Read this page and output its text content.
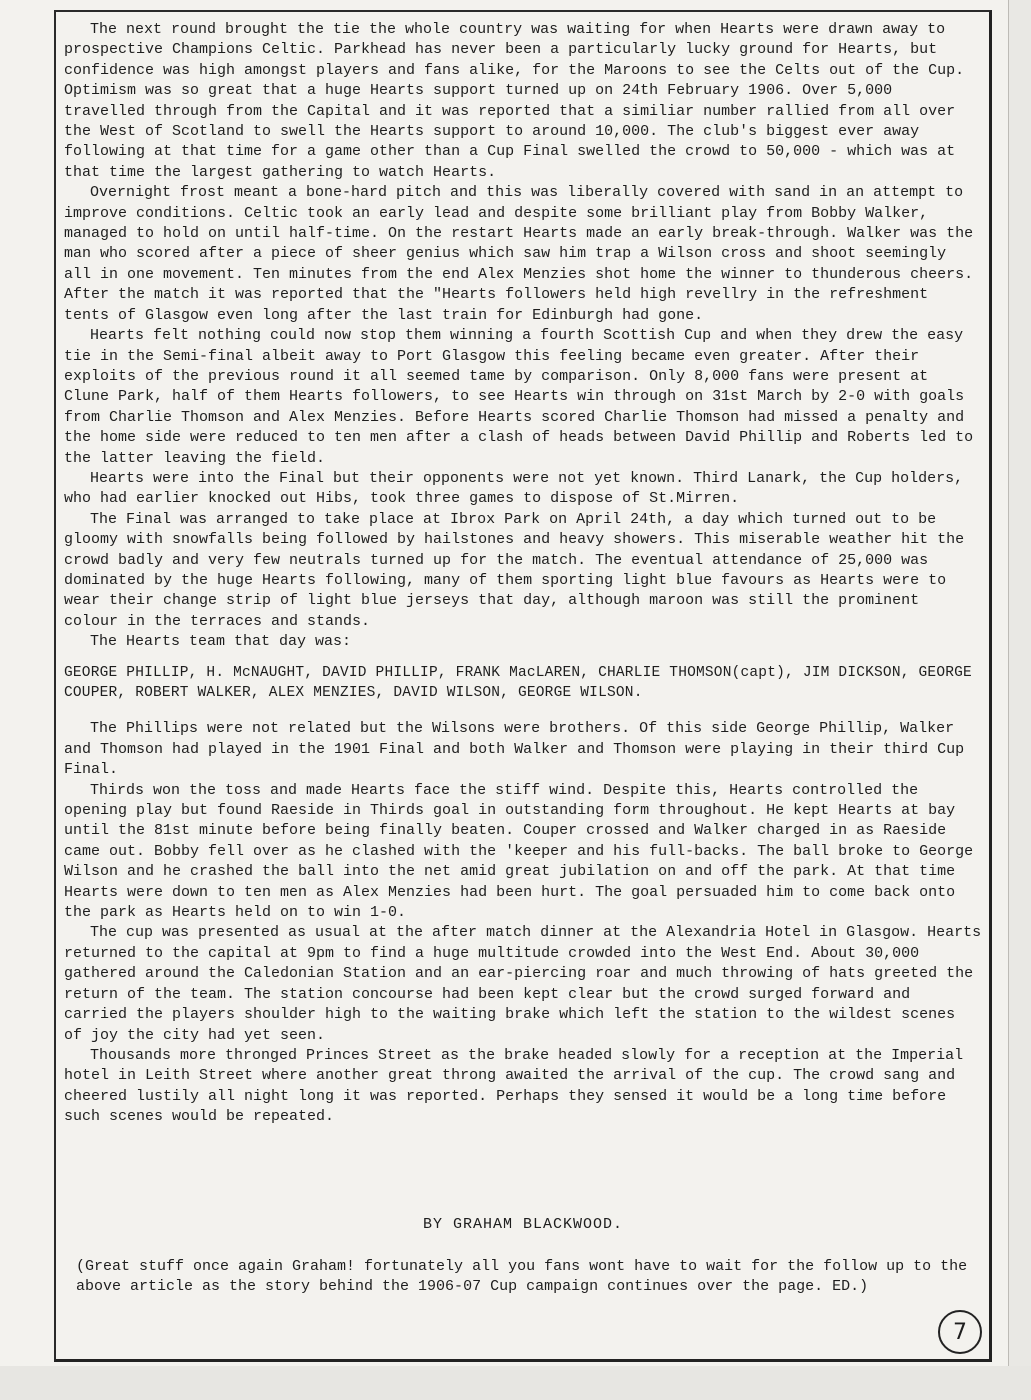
The next round brought the tie the whole country was waiting for when Hearts were drawn away to prospective Champions Celtic. Parkhead has never been a particularly lucky ground for Hearts, but confidence was high amongst players and fans alike, for the Maroons to see the Celts out of the Cup. Optimism was so great that a huge Hearts support turned up on 24th February 1906. Over 5,000 travelled through from the Capital and it was reported that a similiar number rallied from all over the West of Scotland to swell the Hearts support to around 10,000. The club's biggest ever away following at that time for a game other than a Cup Final swelled the crowd to 50,000 - which was at that time the largest gathering to watch Hearts.

Overnight frost meant a bone-hard pitch and this was liberally covered with sand in an attempt to improve conditions. Celtic took an early lead and despite some brilliant play from Bobby Walker, managed to hold on until half-time. On the restart Hearts made an early break-through. Walker was the man who scored after a piece of sheer genius which saw him trap a Wilson cross and shoot seemingly all in one movement. Ten minutes from the end Alex Menzies shot home the winner to thunderous cheers. After the match it was reported that the "Hearts followers held high revellry in the refreshment tents of Glasgow even long after the last train for Edinburgh had gone.

Hearts felt nothing could now stop them winning a fourth Scottish Cup and when they drew the easy tie in the Semi-final albeit away to Port Glasgow this feeling became even greater. After their exploits of the previous round it all seemed tame by comparison. Only 8,000 fans were present at Clune Park, half of them Hearts followers, to see Hearts win through on 31st March by 2-0 with goals from Charlie Thomson and Alex Menzies. Before Hearts scored Charlie Thomson had missed a penalty and the home side were reduced to ten men after a clash of heads between David Phillip and Roberts led to the latter leaving the field.

Hearts were into the Final but their opponents were not yet known. Third Lanark, the Cup holders, who had earlier knocked out Hibs, took three games to dispose of St.Mirren.

The Final was arranged to take place at Ibrox Park on April 24th, a day which turned out to be gloomy with snowfalls being followed by hailstones and heavy showers. This miserable weather hit the crowd badly and very few neutrals turned up for the match. The eventual attendance of 25,000 was dominated by the huge Hearts following, many of them sporting light blue favours as Hearts were to wear their change strip of light blue jerseys that day, although maroon was still the prominent colour in the terraces and stands.

The Hearts team that day was:

GEORGE PHILLIP, H. McNAUGHT, DAVID PHILLIP, FRANK MacLAREN, CHARLIE THOMSON(capt), JIM DICKSON, GEORGE COUPER, ROBERT WALKER, ALEX MENZIES, DAVID WILSON, GEORGE WILSON.

The Phillips were not related but the Wilsons were brothers. Of this side George Phillip, Walker and Thomson had played in the 1901 Final and both Walker and Thomson were playing in their third Cup Final.

Thirds won the toss and made Hearts face the stiff wind. Despite this, Hearts controlled the opening play but found Raeside in Thirds goal in outstanding form throughout. He kept Hearts at bay until the 81st minute before being finally beaten. Couper crossed and Walker charged in as Raeside came out. Bobby fell over as he clashed with the 'keeper and his full-backs. The ball broke to George Wilson and he crashed the ball into the net amid great jubilation on and off the park. At that time Hearts were down to ten men as Alex Menzies had been hurt. The goal persuaded him to come back onto the park as Hearts held on to win 1-0.

The cup was presented as usual at the after match dinner at the Alexandria Hotel in Glasgow. Hearts returned to the capital at 9pm to find a huge multitude crowded into the West End. About 30,000 gathered around the Caledonian Station and an ear-piercing roar and much throwing of hats greeted the return of the team. The station concourse had been kept clear but the crowd surged forward and carried the players shoulder high to the waiting brake which left the station to the wildest scenes of joy the city had yet seen.

Thousands more thronged Princes Street as the brake headed slowly for a reception at the Imperial hotel in Leith Street where another great throng awaited the arrival of the cup. The crowd sang and cheered lustily all night long it was reported. Perhaps they sensed it would be a long time before such scenes would be repeated.

BY GRAHAM BLACKWOOD.

(Great stuff once again Graham! fortunately all you fans wont have to wait for the follow up to the above article as the story behind the 1906-07 Cup campaign continues over the page. ED.)

7
